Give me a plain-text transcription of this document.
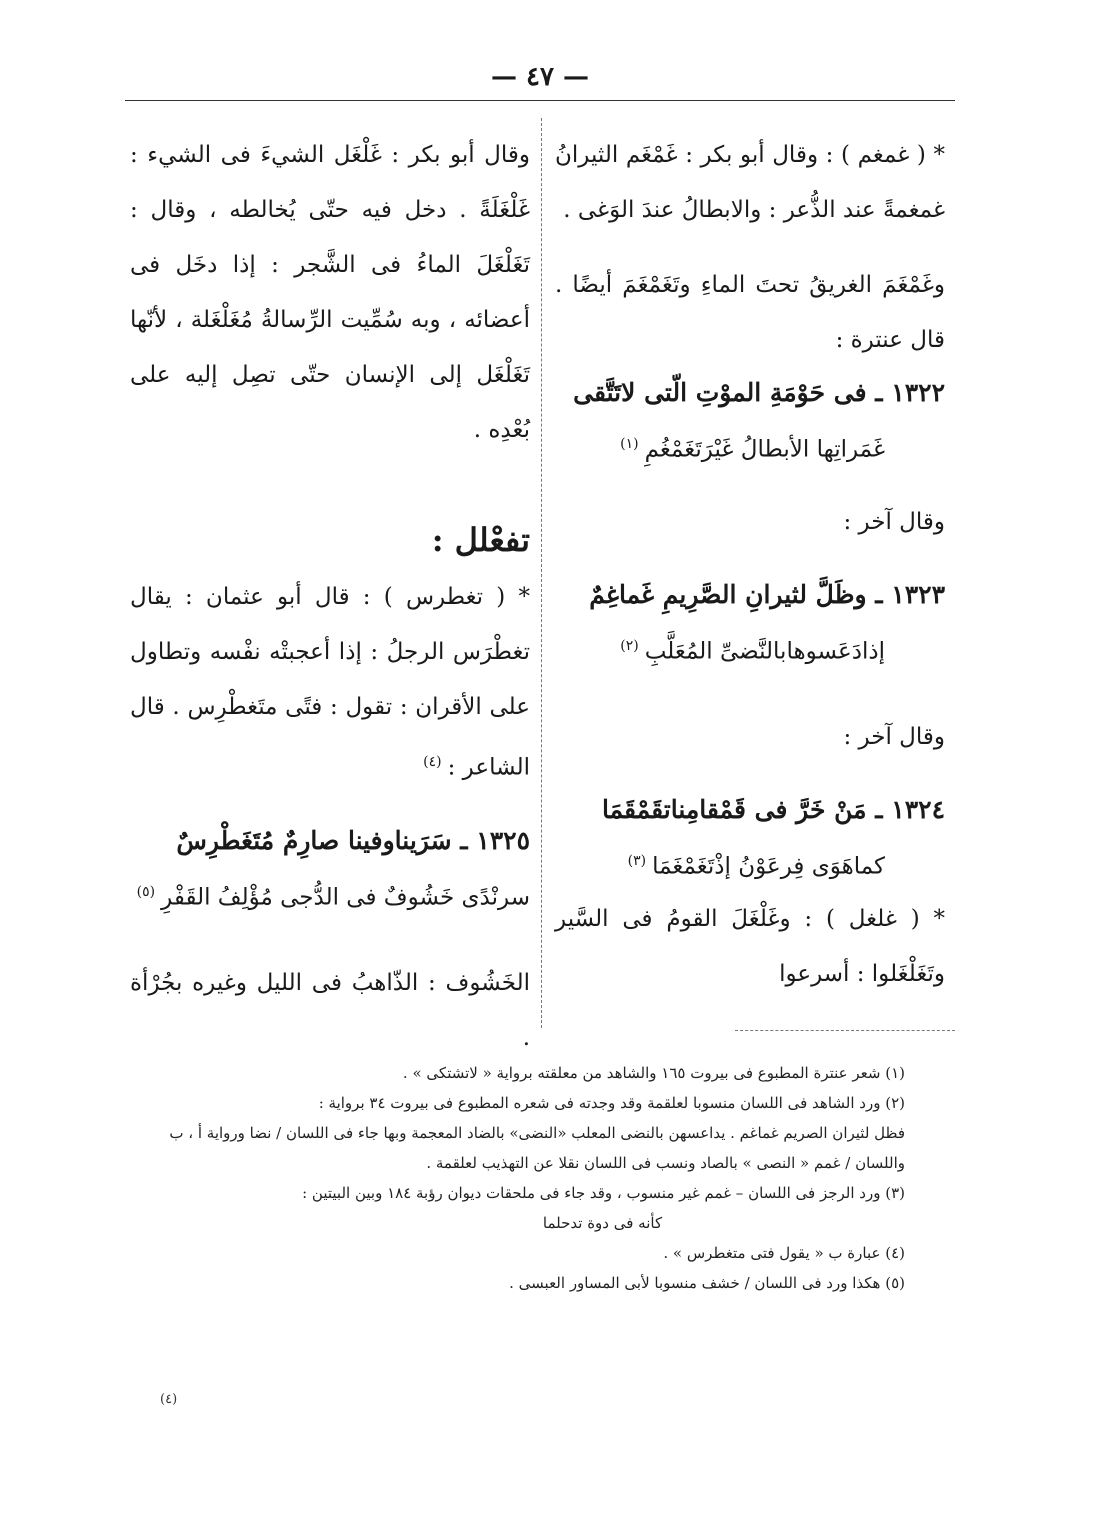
— ٤٧ —

* ( غمغم ) : وقال أبو بكر : غَمْغَم الثيرانُ غمغمةً عند الذُّعر : والابطالُ عندَ الوَغى .

وغَمْغَمَ الغريقُ تحتَ الماءِ وتَغَمْغَمَ أيضًا . قال عنترة :

١٣٢٢ ـ فى حَوْمَةِ الموْتِ الّتى لاتَتَّقى
غَمَراتِها الأبطالُ غَيْرَتَغَمْغُمِ$^{(١)}$

وقال آخر :

١٣٢٣ ـ وظَلَّ لثيرانِ الصَّرِيمِ غَماغِمٌ
إذادَعَسوهابالنَّضىِّ المُعَلَّبِ$^{(٢)}$

وقال آخر :

١٣٢٤ ـ مَنْ خَرَّ فى قَمْقامِناتقَمْقَمَا
كماهَوَى فِرعَوْنُ إذْتَغَمْغَمَا$^{(٣)}$

* ( غلغل ) : وغَلْغَلَ القومُ فى السَّير وتَغَلْغَلوا : أسرعوا

وقال أبو بكر : غَلْغَل الشيءَ فى الشيء : غَلْغَلَةً . دخل فيه حتّى يُخالطه ، وقال : تَغَلْغَلَ الماءُ فى الشَّجر : إذا دخَل فى أعضائه ، وبه سُمِّيت الرِّسالةُ مُغَلْغَلة ، لأنّها تَغَلْغَل إلى الإنسان حتّى تصِل إليه على بُعْدِه .

تفعْلل :

* ( تغطرس ) : قال أبو عثمان : يقال تغطْرَس الرجلُ : إذا أعجبتْه نفْسه وتطاول على الأقران : تقول : فتًى متَغطْرِس . قال الشاعر :$^{(٤)}$

١٣٢٥ ـ سَرَيناوفينا صارِمٌ مُتَغَطْرِسٌ
سرنْدًى خَشُوفٌ فى الدُّجى مُؤْلِفُ القَفْرِ$^{(٥)}$

الخَشُوف : الذّاهبُ فى الليل وغيره بجُرْأة .

(١) شعر عنترة المطبوع فى بيروت ١٦٥ والشاهد من معلقته برواية « لاتشتكى » .

(٢) ورد الشاهد فى اللسان منسوبا لعلقمة وقد وجدته فى شعره المطبوع فى بيروت ٣٤ برواية :

فظل لثيران الصريم غماغم . يداعسهن بالنضى المعلب «النضى» بالضاد المعجمة وبها جاء فى اللسان / نضا ورواية أ ، ب

واللسان / غمم « النصى » بالصاد ونسب فى اللسان نقلا عن التهذيب لعلقمة .

(٣) ورد الرجز فى اللسان – غمم غير منسوب ، وقد جاء فى ملحقات ديوان رؤبة ١٨٤ وبين البيتين :

كأنه فى دوة تدحلما

(٤) عبارة ب « يقول فتى متغطرس » .

(٥) هكذا ورد فى اللسان / خشف منسوبا لأبى المساور العبسى .

(٤)
